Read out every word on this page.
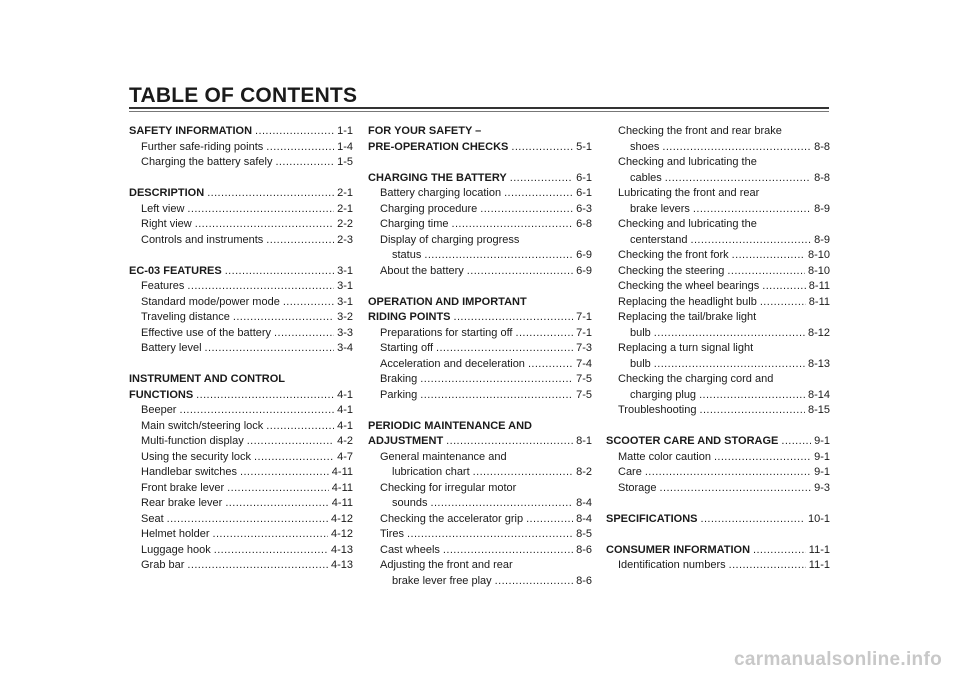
TABLE OF CONTENTS
SAFETY INFORMATION .....	1-1
Further safe-riding points .....	1-4
Charging the battery safely .....	1-5
DESCRIPTION .....	2-1
Left view .....	2-1
Right view .....	2-2
Controls and instruments .....	2-3
EC-03 FEATURES .....	3-1
Features .....	3-1
Standard mode/power mode .....	3-1
Traveling distance .....	3-2
Effective use of the battery .....	3-3
Battery level .....	3-4
INSTRUMENT AND CONTROL
FUNCTIONS .....	4-1
Beeper .....	4-1
Main switch/steering lock .....	4-1
Multi-function display .....	4-2
Using the security lock .....	4-7
Handlebar switches .....	4-11
Front brake lever .....	4-11
Rear brake lever .....	4-11
Seat .....	4-12
Helmet holder .....	4-12
Luggage hook .....	4-13
Grab bar .....	4-13
FOR YOUR SAFETY –
PRE-OPERATION CHECKS .....	5-1
CHARGING THE BATTERY .....	6-1
Battery charging location .....	6-1
Charging procedure .....	6-3
Charging time .....	6-8
Display of charging progress
status .....	6-9
About the battery .....	6-9
OPERATION AND IMPORTANT
RIDING POINTS .....	7-1
Preparations for starting off .....	7-1
Starting off .....	7-3
Acceleration and deceleration .....	7-4
Braking .....	7-5
Parking .....	7-5
PERIODIC MAINTENANCE AND
ADJUSTMENT .....	8-1
General maintenance and
lubrication chart .....	8-2
Checking for irregular motor
sounds .....	8-4
Checking the accelerator grip .....	8-4
Tires .....	8-5
Cast wheels .....	8-6
Adjusting the front and rear
brake lever free play .....	8-6
Checking the front and rear brake
shoes .....	8-8
Checking and lubricating the
cables .....	8-8
Lubricating the front and rear
brake levers .....	8-9
Checking and lubricating the
centerstand .....	8-9
Checking the front fork .....	8-10
Checking the steering .....	8-10
Checking the wheel bearings .....	8-11
Replacing the headlight bulb .....	8-11
Replacing the tail/brake light
bulb .....	8-12
Replacing a turn signal light
bulb .....	8-13
Checking the charging cord and
charging plug .....	8-14
Troubleshooting .....	8-15
SCOOTER CARE AND STORAGE .....	9-1
Matte color caution .....	9-1
Care .....	9-1
Storage .....	9-3
SPECIFICATIONS .....	10-1
CONSUMER INFORMATION .....	11-1
Identification numbers .....	11-1
carmanualsonline.info
